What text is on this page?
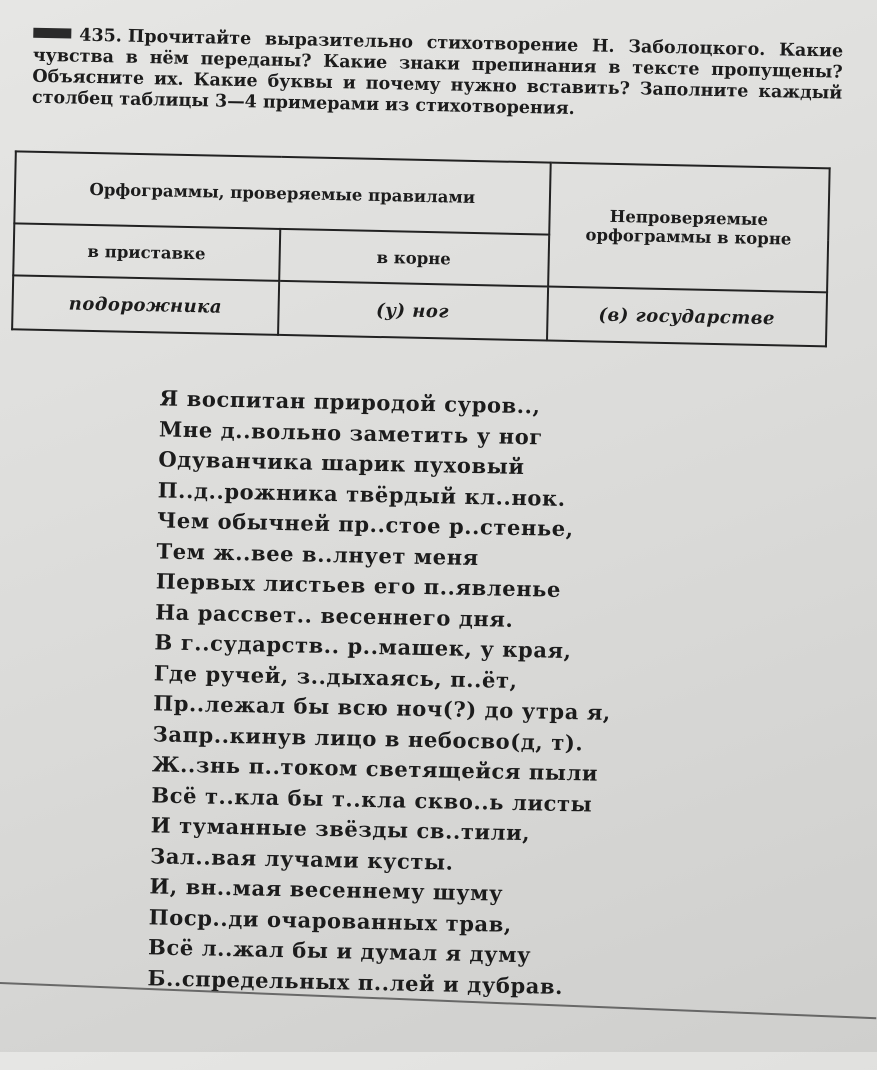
435. Прочитайте выразительно стихотворение Н. Заболоцкого. Какие чувства в нём переданы? Какие знаки препинания в тексте пропущены? Объясните их. Какие буквы и почему нужно вставить? Заполните каждый столбец таблицы 3—4 примерами из стихотворения.

Орфограммы, проверяемые правилами		Непроверяемые орфограммы в корне
в приставке	в корне	
подорожника	(у) ног	(в) государстве
Я воспитан природой суров..,
Мне д..вольно заметить у ног
Одуванчика шарик пуховый
П..д..рожника твёрдый кл..нок.
Чем обычней пр..стое р..стенье,
Тем ж..вее в..лнует меня
Первых листьев его п..явленье
На рассвет.. весеннего дня.
В г..сударств.. р..машек, у края,
Где ручей, з..дыхаясь, п..ёт,
Пр..лежал бы всю ноч(?) до утра я,
Запр..кинув лицо в небосво(д, т).
Ж..знь п..током светящейся пыли
Всё т..кла бы т..кла скво..ь листы
И туманные звёзды св..тили,
Зал..вая лучами кусты.
И, вн..мая весеннему шуму
Поср..ди очарованных трав,
Всё л..жал бы и думал я думу
Б..спредельных п..лей и дубрав.
